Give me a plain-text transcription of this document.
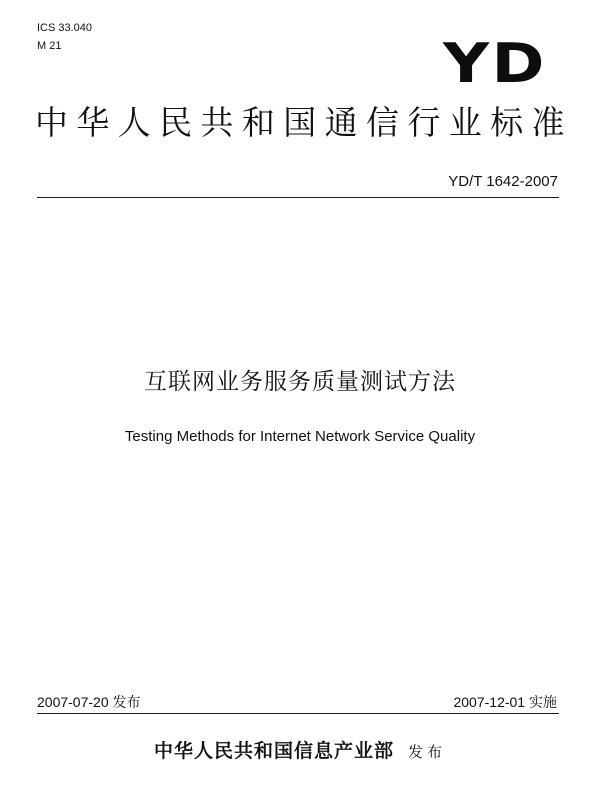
ICS 33.040
M 21	YD
中华人民共和国通信行业标准
YD/T 1642-2007
互联网业务服务质量测试方法
Testing Methods for Internet Network Service Quality
2007-07-20 发布	2007-12-01 实施
中华人民共和国信息产业部 发布
